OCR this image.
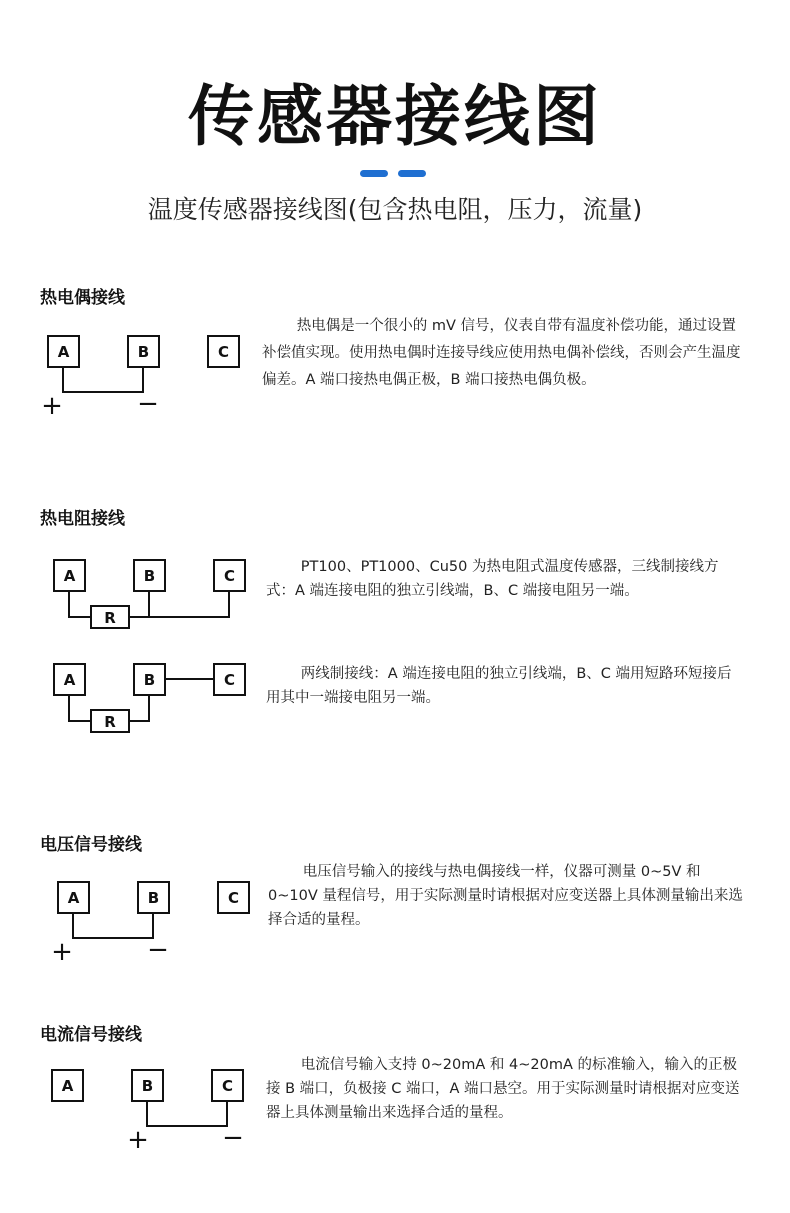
传感器接线图
温度传感器接线图(包含热电阻，压力，流量)
热电偶接线
A	B	C
+	−

热电偶是一个很小的 mV 信号，仪表自带有温度补偿功能，通过设置补偿值实现。使用热电偶时连接导线应使用热电偶补偿线，否则会产生温度偏差。A 端口接热电偶正极，B 端口接热电偶负极。

热电阻接线
A	B	C
R

PT100、PT1000、Cu50 为热电阻式温度传感器，三线制接线方式：A 端连接电阻的独立引线端，B、C 端接电阻另一端。

A	B	C
R

两线制接线：A 端连接电阻的独立引线端，B、C 端用短路环短接后用其中一端接电阻另一端。

电压信号接线
A	B	C
+	−

电压信号输入的接线与热电偶接线一样，仪器可测量 0~5V 和 0~10V 量程信号，用于实际测量时请根据对应变送器上具体测量输出来选择合适的量程。

电流信号接线
A	B	C
+	−

电流信号输入支持 0~20mA 和 4~20mA 的标准输入，输入的正极接 B 端口，负极接 C 端口，A 端口悬空。用于实际测量时请根据对应变送器上具体测量输出来选择合适的量程。
